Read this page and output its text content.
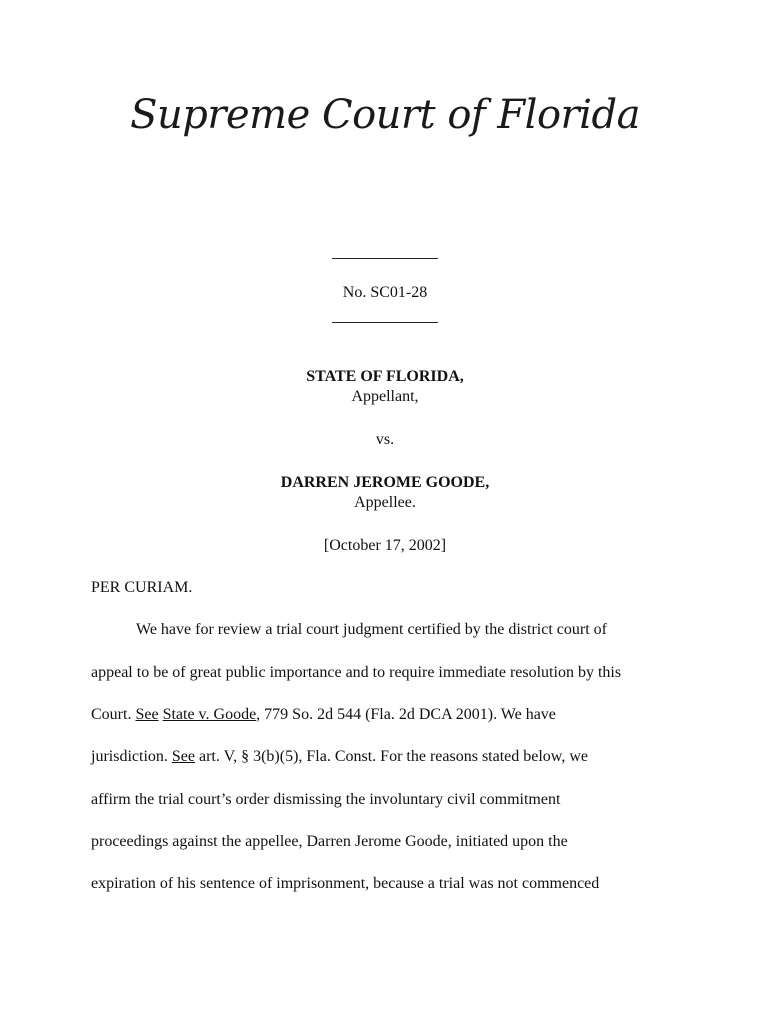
Supreme Court of Florida
No. SC01-28
STATE OF FLORIDA,
Appellant,
vs.
DARREN JEROME GOODE,
Appellee.
[October 17, 2002]
PER CURIAM.
We have for review a trial court judgment certified by the district court of
appeal to be of great public importance and to require immediate resolution by this
Court. See State v. Goode, 779 So. 2d 544 (Fla. 2d DCA 2001). We have
jurisdiction. See art. V, § 3(b)(5), Fla. Const. For the reasons stated below, we
affirm the trial court’s order dismissing the involuntary civil commitment
proceedings against the appellee, Darren Jerome Goode, initiated upon the
expiration of his sentence of imprisonment, because a trial was not commenced
